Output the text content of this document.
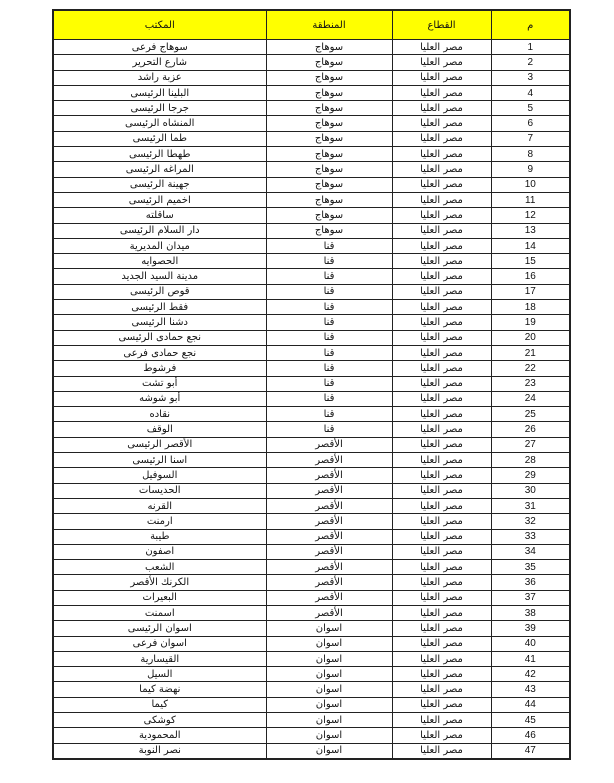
م	القطاع	المنطقة	المكتب
1	مصر العليا	سوهاج	سوهاج فرعى
2	مصر العليا	سوهاج	شارع التحرير
3	مصر العليا	سوهاج	عزبة راشد
4	مصر العليا	سوهاج	البلينا الرئيسى
5	مصر العليا	سوهاج	جرجا الرئيسى
6	مصر العليا	سوهاج	المنشاه الرئيسى
7	مصر العليا	سوهاج	طما الرئيسى
8	مصر العليا	سوهاج	طهطا الرئيسى
9	مصر العليا	سوهاج	المراغه الرئيسى
10	مصر العليا	سوهاج	جهينة الرئيسى
11	مصر العليا	سوهاج	اخميم الرئيسى
12	مصر العليا	سوهاج	ساقلته
13	مصر العليا	سوهاج	دار السلام الرئيسى
14	مصر العليا	قنا	ميدان المديرية
15	مصر العليا	قنا	الحصوايه
16	مصر العليا	قنا	مدينة السيد الجديد
17	مصر العليا	قنا	قوص الرئيسى
18	مصر العليا	قنا	فقط الرئيسى
19	مصر العليا	قنا	دشنا الرئيسى
20	مصر العليا	قنا	نجع حمادى الرئيسى
21	مصر العليا	قنا	نجع حمادى فرعى
22	مصر العليا	قنا	فرشوط
23	مصر العليا	قنا	أبو تشت
24	مصر العليا	قنا	أبو شوشه
25	مصر العليا	قنا	نقاده
26	مصر العليا	قنا	الوقف
27	مصر العليا	الأقصر	الأقصر الرئيسى
28	مصر العليا	الأقصر	اسنا الرئيسى
29	مصر العليا	الأقصر	السوفيل
30	مصر العليا	الأقصر	الحديسات
31	مصر العليا	الأقصر	القرنه
32	مصر العليا	الأقصر	ارمنت
33	مصر العليا	الأقصر	طيبة
34	مصر العليا	الأقصر	اصفون
35	مصر العليا	الأقصر	الشعب
36	مصر العليا	الأقصر	الكرنك الأقصر
37	مصر العليا	الأقصر	البعيرات
38	مصر العليا	الأقصر	اسمنت
39	مصر العليا	اسوان	اسوان الرئيسى
40	مصر العليا	اسوان	اسوان فرعى
41	مصر العليا	اسوان	القيسارية
42	مصر العليا	اسوان	السيل
43	مصر العليا	اسوان	نهضة كيما
44	مصر العليا	اسوان	كيما
45	مصر العليا	اسوان	كوشكى
46	مصر العليا	اسوان	المحمودية
47	مصر العليا	اسوان	نصر النوبة
